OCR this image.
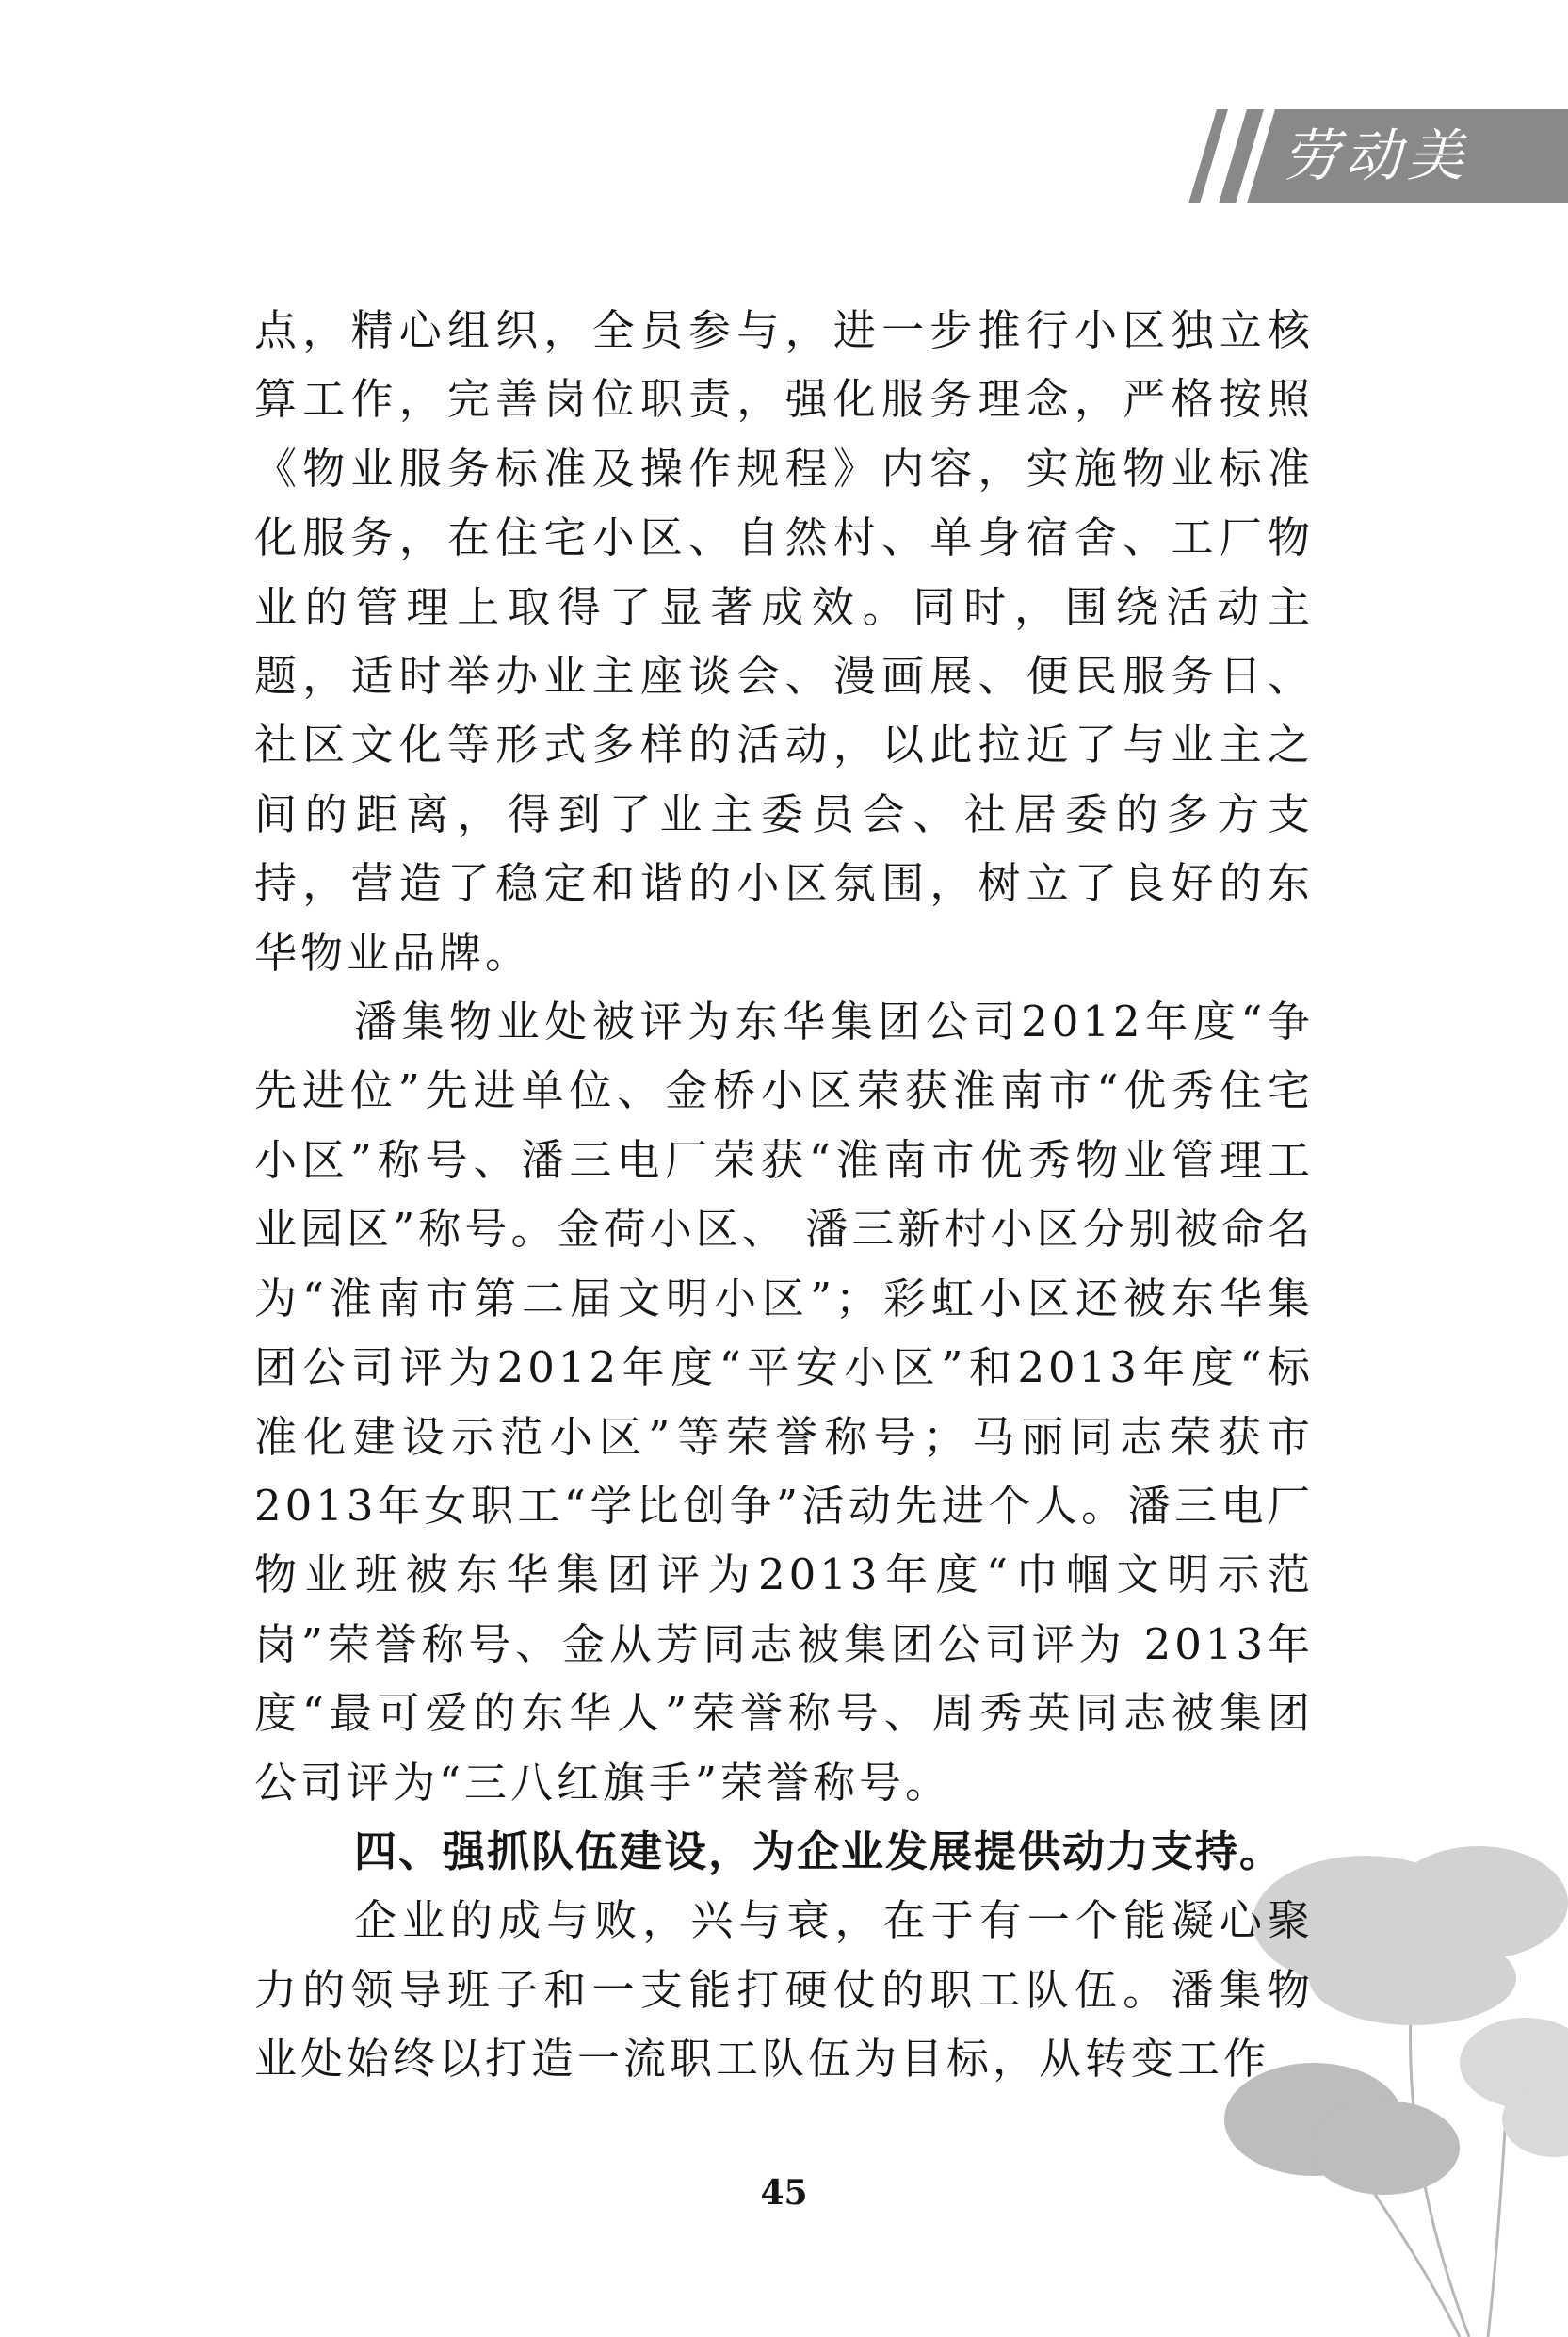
劳动美

点，精心组织，全员参与，进一步推行小区独立核算工作，完善岗位职责，强化服务理念，严格按照《物业服务标准及操作规程》内容，实施物业标准化服务，在住宅小区、自然村、单身宿舍、工厂物业的管理上取得了显著成效。同时，围绕活动主题，适时举办业主座谈会、漫画展、便民服务日、社区文化等形式多样的活动，以此拉近了与业主之间的距离，得到了业主委员会、社居委的多方支持，营造了稳定和谐的小区氛围，树立了良好的东华物业品牌。

潘集物业处被评为东华集团公司2012年度“争先进位”先进单位、金桥小区荣获淮南市“优秀住宅小区”称号、潘三电厂荣获“淮南市优秀物业管理工业园区”称号。金荷小区、 潘三新村小区分别被命名为“淮南市第二届文明小区”；彩虹小区还被东华集团公司评为2012年度“平安小区”和2013年度“标准化建设示范小区”等荣誉称号；马丽同志荣获市2013年女职工“学比创争”活动先进个人。潘三电厂物业班被东华集团评为2013年度“巾帼文明示范岗”荣誉称号、金从芳同志被集团公司评为 2013年度“最可爱的东华人”荣誉称号、周秀英同志被集团公司评为“三八红旗手”荣誉称号。

四、强抓队伍建设，为企业发展提供动力支持。

企业的成与败，兴与衰，在于有一个能凝心聚力的领导班子和一支能打硬仗的职工队伍。潘集物业处始终以打造一流职工队伍为目标，从转变工作

45
